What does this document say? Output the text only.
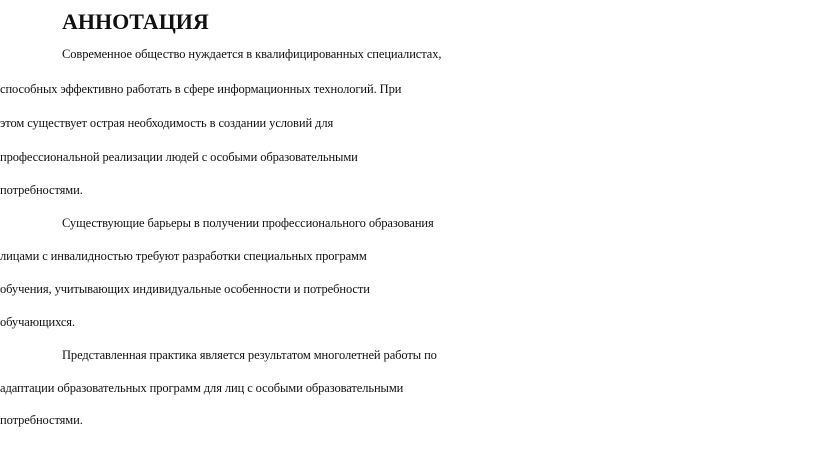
АННОТАЦИЯ
Современное общество нуждается в квалифицированных специалистах,
способных эффективно работать в сфере информационных технологий. При
этом существует острая необходимость в создании условий для
профессиональной реализации людей с особыми образовательными
потребностями.
Существующие барьеры в получении профессионального образования
лицами с инвалидностью требуют разработки специальных программ
обучения, учитывающих индивидуальные особенности и потребности
обучающихся.
Представленная практика является результатом многолетней работы по
адаптации образовательных программ для лиц с особыми образовательными
потребностями.
